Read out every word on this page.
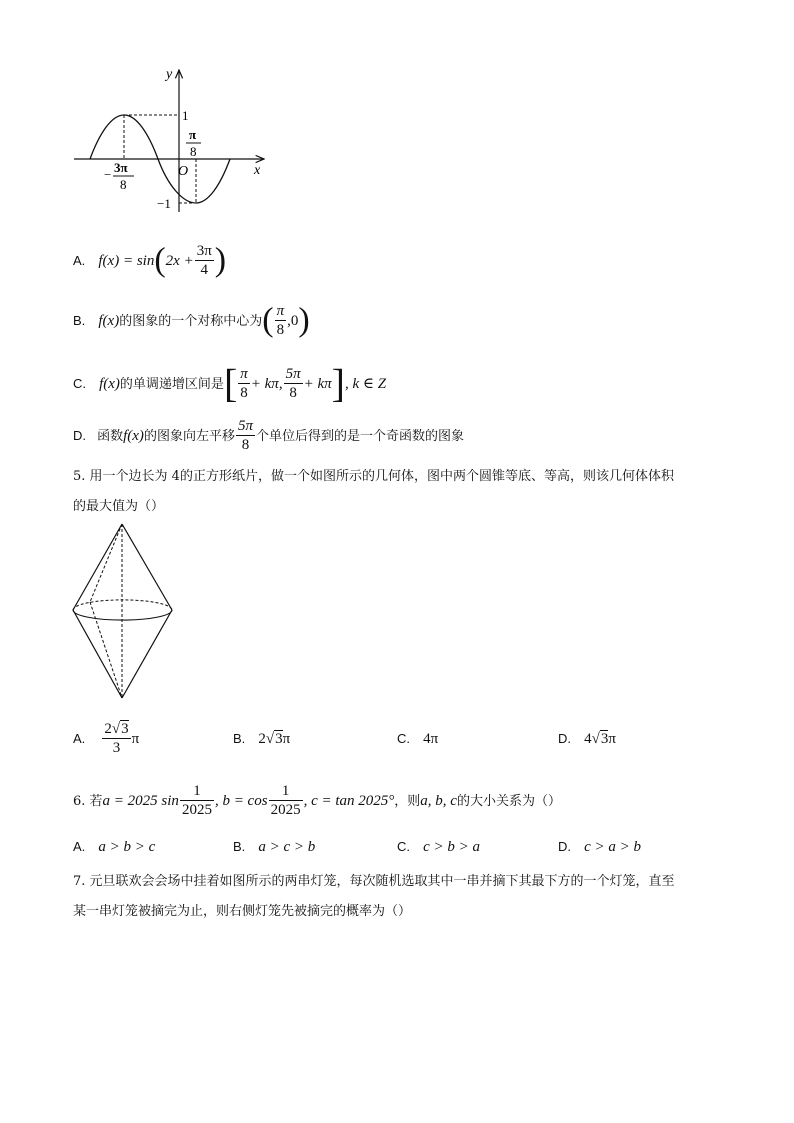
y
x
O
1
−1
π
8
− 3π
8
A. $f(x) = \sin(2x + \frac{3\pi}{4}$ )
B. f(x)的图象的一个对称中心为( $\frac{\pi}{8} ,0$)
C. f(x)的单调递增区间是[ $\frac{\pi}{8} + k\pi$, $\frac{5\pi}{8} + k\pi$], k ∈ Z
D. 函数f(x)的图象向左平移 $\frac{5\pi}{8}$ 个单位后得到的是一个奇函数的图象
5. 用一个边长为 4的正方形纸片，做一个如图所示的几何体，图中两个圆锥等底、等高，则该几何体体积
的最大值为（）
A. $\frac{2√3}{3}$ π	B. 2√3π	C. 4π	D. 4√3π
6. 若a = 2025 $\sin \frac{1}{2025}$ , $b = \cos \frac{1}{2025}$ , c = tan 2025°，则a, b, c的大小关系为（）
A. a > b > c	B. a > c > b	C. c > b > a	D. c > a > b
7. 元旦联欢会会场中挂着如图所示的两串灯笼，每次随机选取其中一串并摘下其最下方的一个灯笼，直至
某一串灯笼被摘完为止，则右侧灯笼先被摘完的概率为（）
